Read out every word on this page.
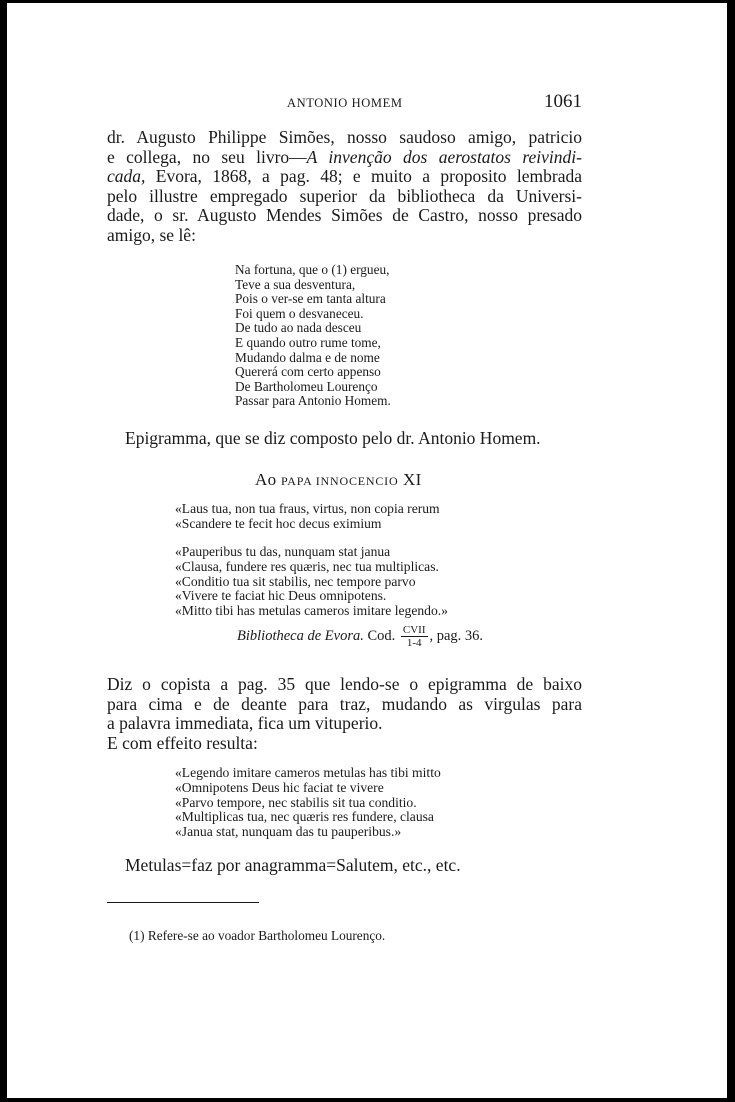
ANTONIO HOMEM	1061
dr. Augusto Philippe Simões, nosso saudoso amigo, patricio
e collega, no seu livro—A invenção dos aerostatos reivindi-
cada, Evora, 1868, a pag. 48; e muito a proposito lembrada
pelo illustre empregado superior da bibliotheca da Universi-
dade, o sr. Augusto Mendes Simões de Castro, nosso presado
amigo, se lê:
Na fortuna, que o (1) ergueu,
Teve a sua desventura,
Pois o ver-se em tanta altura
Foi quem o desvaneceu.
De tudo ao nada desceu
E quando outro rume tome,
Mudando dalma e de nome
Quererá com certo appenso
De Bartholomeu Lourenço
Passar para Antonio Homem.
Epigramma, que se diz composto pelo dr. Antonio Homem.
Ao PAPA INNOCENCIO XI
«Laus tua, non tua fraus, virtus, non copia rerum
«Scandere te fecit hoc decus eximium
«Pauperibus tu das, nunquam stat janua
«Clausa, fundere res quæris, nec tua multiplicas.
«Conditio tua sit stabilis, nec tempore parvo
«Vivere te faciat hic Deus omnipotens.
«Mitto tibi has metulas cameros imitare legendo.»
Bibliotheca de Evora. Cod. $\frac{\text{CVII}}{1-4}$ , pag. 36.
Diz o copista a pag. 35 que lendo-se o epigramma de baixo
para cima e de deante para traz, mudando as virgulas para
a palavra immediata, fica um vituperio.
E com effeito resulta:
«Legendo imitare cameros metulas has tibi mitto
«Omnipotens Deus hic faciat te vivere
«Parvo tempore, nec stabilis sit tua conditio.
«Multiplicas tua, nec quæris res fundere, clausa
«Janua stat, nunquam das tu pauperibus.»
Metulas=faz por anagramma=Salutem, etc., etc.
(1) Refere-se ao voador Bartholomeu Lourenço.
